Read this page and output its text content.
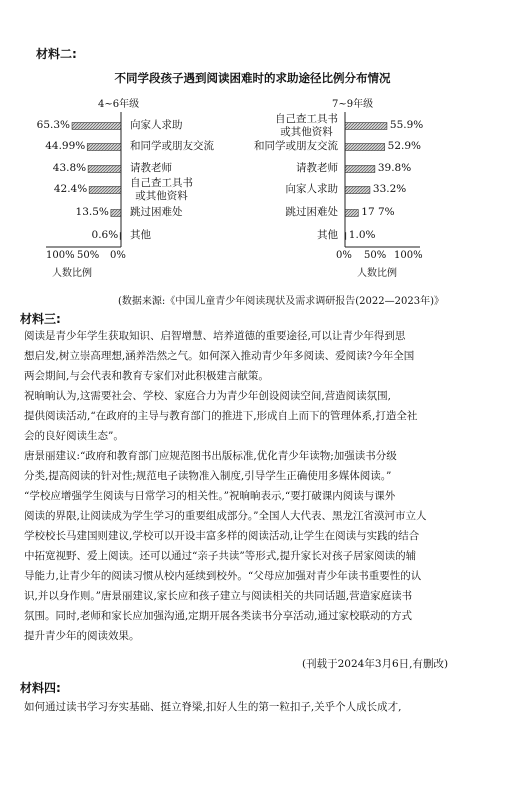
材料二:
不同学段孩子遇到阅读困难时的求助途径比例分布情况
4~6年级	7~9年级
65.3%
44.99%
43.8%
42.4%
13.5%
0.6%
向家人求助
和同学或朋友交流
请教老师
自己查工具书
或其他资料
跳过困难处
其他
55.9%
52.9%
39.8%
33.2%
17 7%
1.0%
自己查工具书
或其他资料
和同学或朋友交流
请教老师
向家人求助
跳过困难处
其他
100% 50% 0%
人数比例
0% 50% 100%
人数比例
(数据来源:《中国儿童青少年阅读现状及需求调研报告(2022—2023年)》
材料三:
阅读是青少年学生获取知识、启智增慧、培养道德的重要途径,可以让青少年得到思
想启发,树立崇高理想,涵养浩然之气。如何深入推动青少年多阅读、爱阅读?今年全国
两会期间,与会代表和教育专家们对此积极建言献策。
祝晌晌认为,这需要社会、学校、家庭合力为青少年创设阅读空间,营造阅读氛围,
提供阅读活动,“在政府的主导与教育部门的推进下,形成自上而下的管理体系,打造全社
会的良好阅读生态”。
唐景丽建议:“政府和教育部门应规范图书出版标准,优化青少年读物;加强读书分级
分类,提高阅读的针对性;规范电子读物准入制度,引导学生正确使用多媒体阅读。”
“学校应增强学生阅读与日常学习的相关性。”祝晌晌表示,“要打破课内阅读与课外
阅读的界限,让阅读成为学生学习的重要组成部分。”全国人大代表、黑龙江省漠河市立人
学校校长马建国则建议,学校可以开设丰富多样的阅读活动,让学生在阅读与实践的结合
中拓宽视野、爱上阅读。还可以通过“亲子共读”等形式,提升家长对孩子居家阅读的辅
导能力,让青少年的阅读习惯从校内延续到校外。“父母应加强对青少年读书重要性的认
识,并以身作则。”唐景丽建议,家长应和孩子建立与阅读相关的共同话题,营造家庭读书
氛围。同时,老师和家长应加强沟通,定期开展各类读书分享活动,通过家校联动的方式
提升青少年的阅读效果。
(刊载于2024年3月6日,有删改)
材料四:
如何通过读书学习夯实基础、挺立脊梁,扣好人生的第一粒扣子,关乎个人成长成才,
